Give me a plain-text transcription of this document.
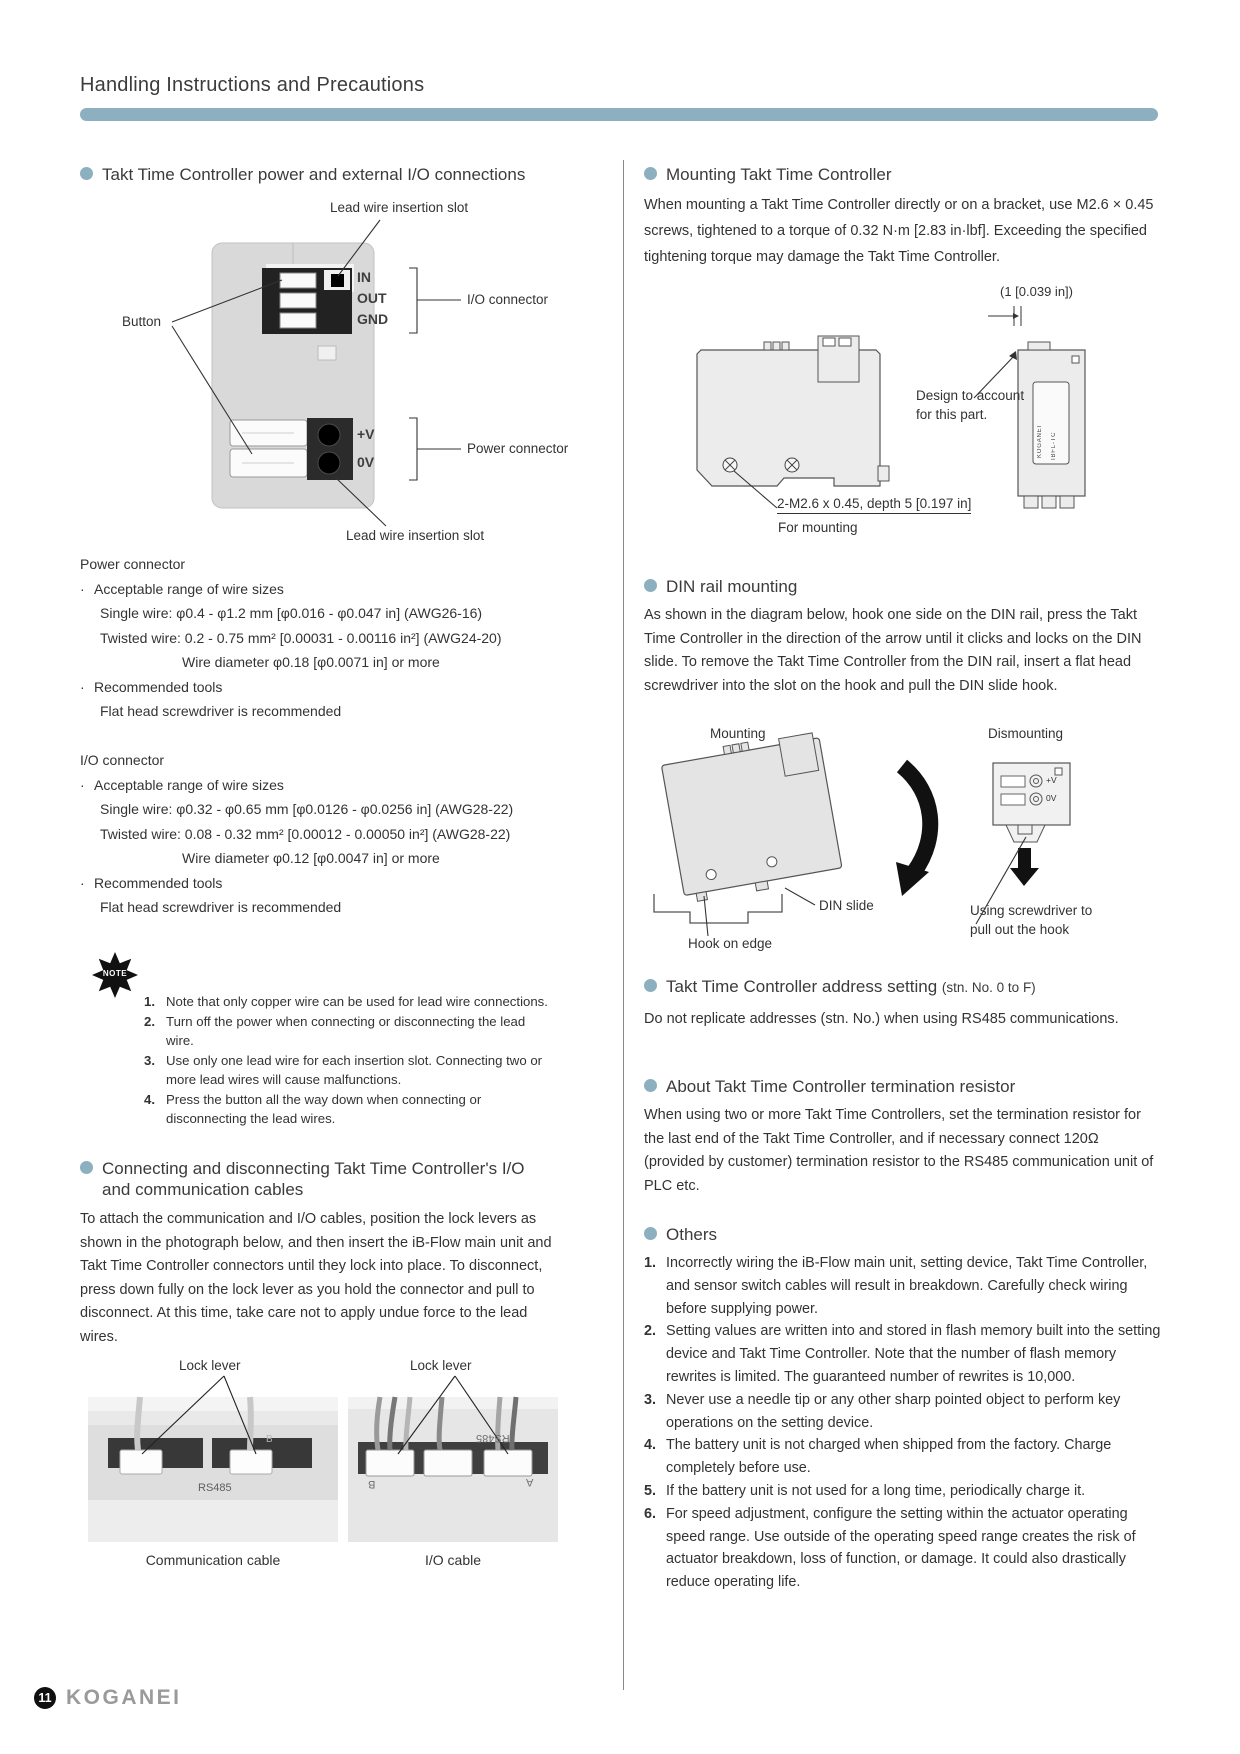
Handling Instructions and Precautions
Takt Time Controller power and external I/O connections
Lead wire insertion slot
Button
IN
OUT
GND
I/O connector
+V
0V
Power connector
Lead wire insertion slot
Power connector
· Acceptable range of wire sizes
Single wire: φ0.4 - φ1.2 mm [φ0.016 - φ0.047 in] (AWG26-16)
Twisted wire: 0.2 - 0.75 mm² [0.00031 - 0.00116 in²] (AWG24-20)
Wire diameter φ0.18 [φ0.0071 in] or more
· Recommended tools
Flat head screwdriver is recommended
I/O connector
· Acceptable range of wire sizes
Single wire: φ0.32 - φ0.65 mm [φ0.0126 - φ0.0256 in] (AWG28-22)
Twisted wire: 0.08 - 0.32 mm² [0.00012 - 0.00050 in²] (AWG28-22)
Wire diameter φ0.12 [φ0.0047 in] or more
· Recommended tools
Flat head screwdriver is recommended
NOTE
1. Note that only copper wire can be used for lead wire connections.
2. Turn off the power when connecting or disconnecting the lead wire.
3. Use only one lead wire for each insertion slot. Connecting two or more lead wires will cause malfunctions.
4. Press the button all the way down when connecting or disconnecting the lead wires.
Connecting and disconnecting Takt Time Controller's I/O and communication cables
To attach the communication and I/O cables, position the lock levers as shown in the photograph below, and then insert the iB-Flow main unit and Takt Time Controller connectors until they lock into place. To disconnect, press down fully on the lock lever as you hold the connector and pull to disconnect. At this time, take care not to apply undue force to the lead wires.
Lock lever	Lock lever
RS485
B	RS485
B	A
Communication cable	I/O cable
Mounting Takt Time Controller
When mounting a Takt Time Controller directly or on a bracket, use M2.6 × 0.45 screws, tightened to a torque of 0.32 N·m [2.83 in·lbf]. Exceeding the specified tightening torque may damage the Takt Time Controller.
(1 [0.039 in])
Design to account for this part.
2-M2.6 x 0.45, depth 5 [0.197 in]
For mounting
KOGANEI IBFL-TC
DIN rail mounting
As shown in the diagram below, hook one side on the DIN rail, press the Takt Time Controller in the direction of the arrow until it clicks and locks on the DIN slide. To remove the Takt Time Controller from the DIN rail, insert a flat head screwdriver into the slot on the hook and pull the DIN slide hook.
Mounting	Dismounting
DIN slide
Hook on edge
Using screwdriver to pull out the hook
+V
0V
Takt Time Controller address setting (stn. No. 0 to F)
Do not replicate addresses (stn. No.) when using RS485 communications.
About Takt Time Controller termination resistor
When using two or more Takt Time Controllers, set the termination resistor for the last end of the Takt Time Controller, and if necessary connect 120Ω (provided by customer) termination resistor to the RS485 communication unit of PLC etc.
Others
1. Incorrectly wiring the iB-Flow main unit, setting device, Takt Time Controller, and sensor switch cables will result in breakdown. Carefully check wiring before supplying power.
2. Setting values are written into and stored in flash memory built into the setting device and Takt Time Controller. Note that the number of flash memory rewrites is limited. The guaranteed number of rewrites is 10,000.
3. Never use a needle tip or any other sharp pointed object to perform key operations on the setting device.
4. The battery unit is not charged when shipped from the factory. Charge completely before use.
5. If the battery unit is not used for a long time, periodically charge it.
6. For speed adjustment, configure the setting within the actuator operating speed range. Use outside of the operating speed range creates the risk of actuator breakdown, loss of function, or damage. It could also drastically reduce operating life.
11 KOGANEI
